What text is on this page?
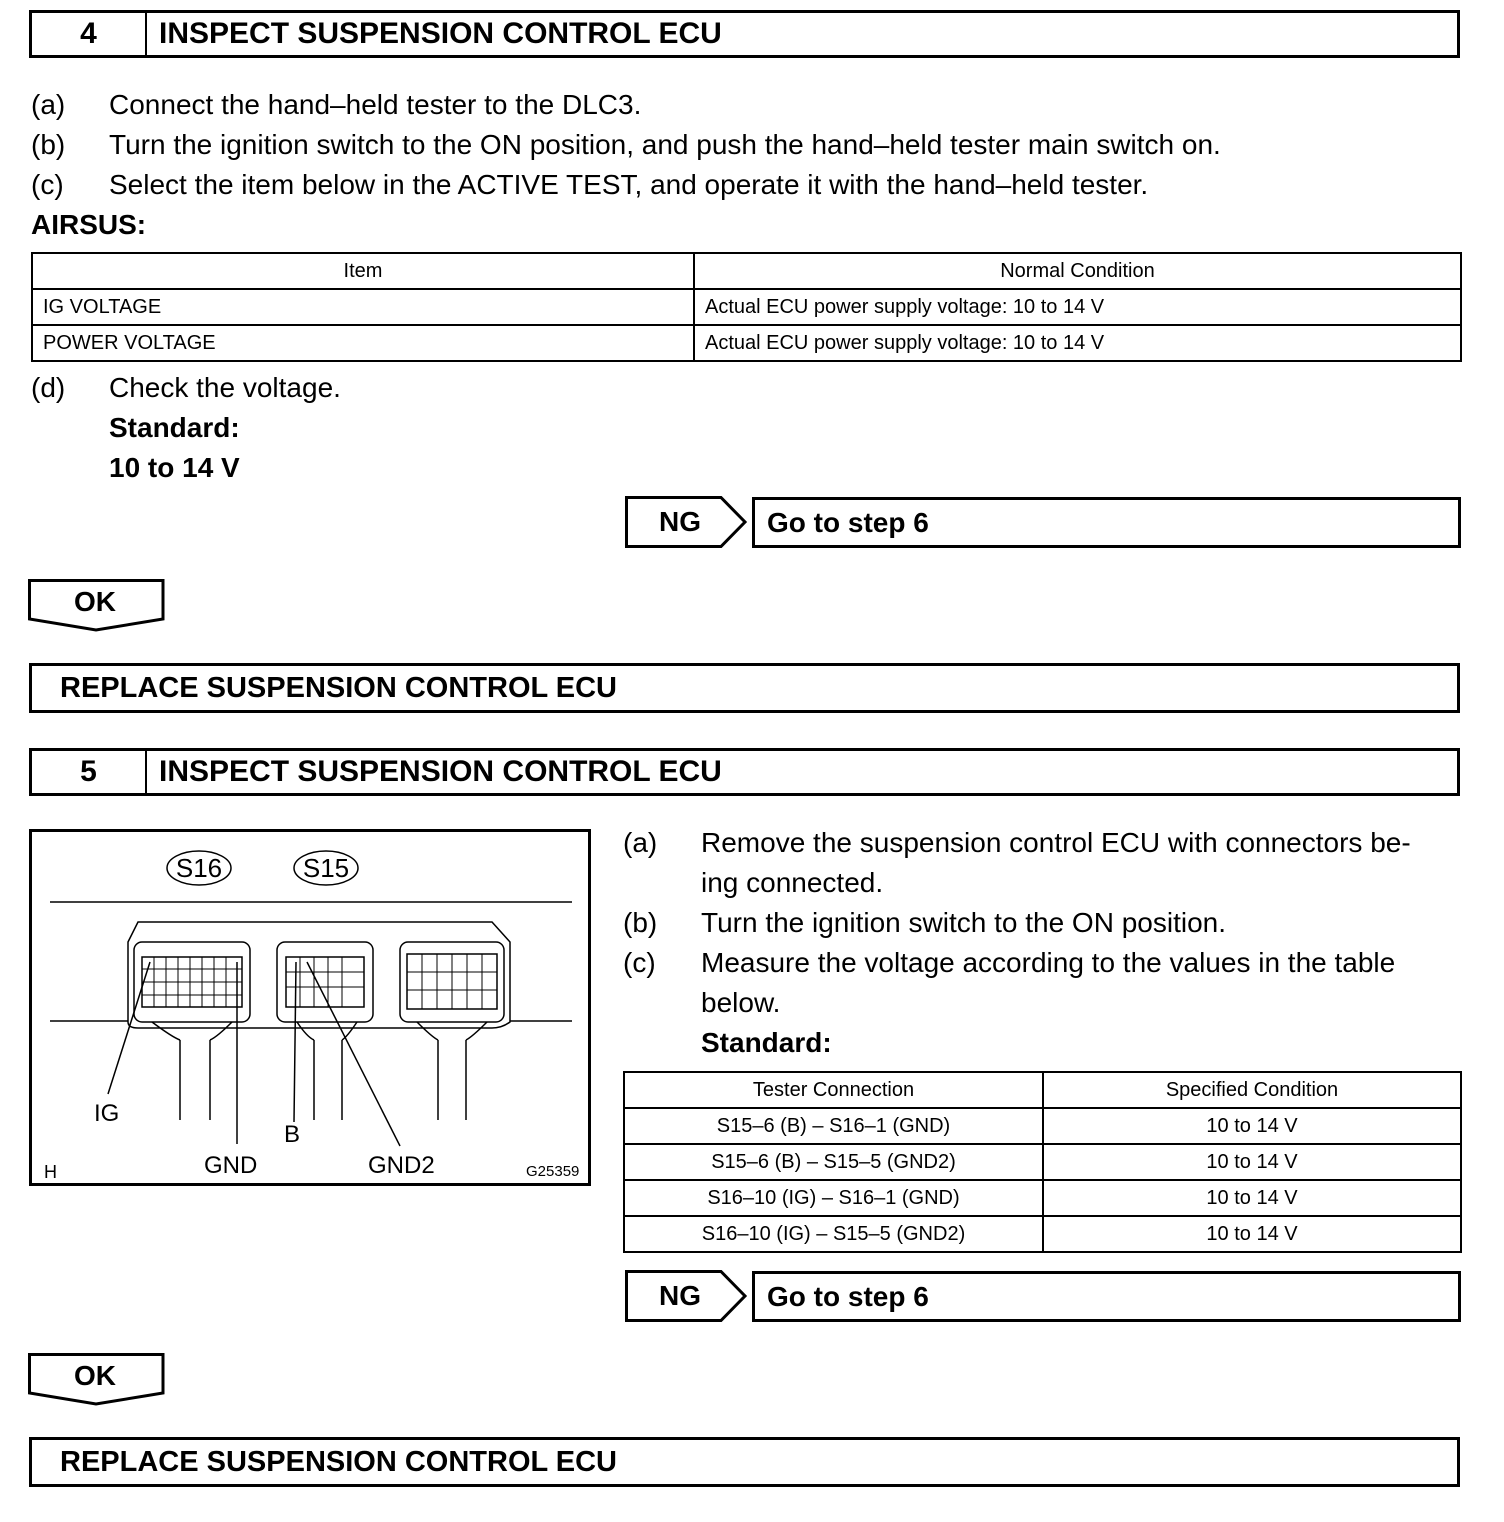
4	INSPECT SUSPENSION CONTROL ECU
(a) Connect the hand–held tester to the DLC3.
(b) Turn the ignition switch to the ON position, and push the hand–held tester main switch on.
(c) Select the item below in the ACTIVE TEST, and operate it with the hand–held tester.
AIRSUS:
Item	Normal Condition
IG VOLTAGE	Actual ECU power supply voltage: 10 to 14 V
POWER VOLTAGE	Actual ECU power supply voltage: 10 to 14 V
(d) Check the voltage.
Standard:
10 to 14 V
NG	Go to step 6
OK
REPLACE SUSPENSION CONTROL ECU
5	INSPECT SUSPENSION CONTROL ECU
S16	S15
IG
GND
B
GND2
H	G25359
(a) Remove the suspension control ECU with connectors be-
ing connected.
(b) Turn the ignition switch to the ON position.
(c) Measure the voltage according to the values in the table
below.
Standard:
Tester Connection	Specified Condition
S15–6 (B) – S16–1 (GND)	10 to 14 V
S15–6 (B) – S15–5 (GND2)	10 to 14 V
S16–10 (IG) – S16–1 (GND)	10 to 14 V
S16–10 (IG) – S15–5 (GND2)	10 to 14 V
NG	Go to step 6
OK
REPLACE SUSPENSION CONTROL ECU
